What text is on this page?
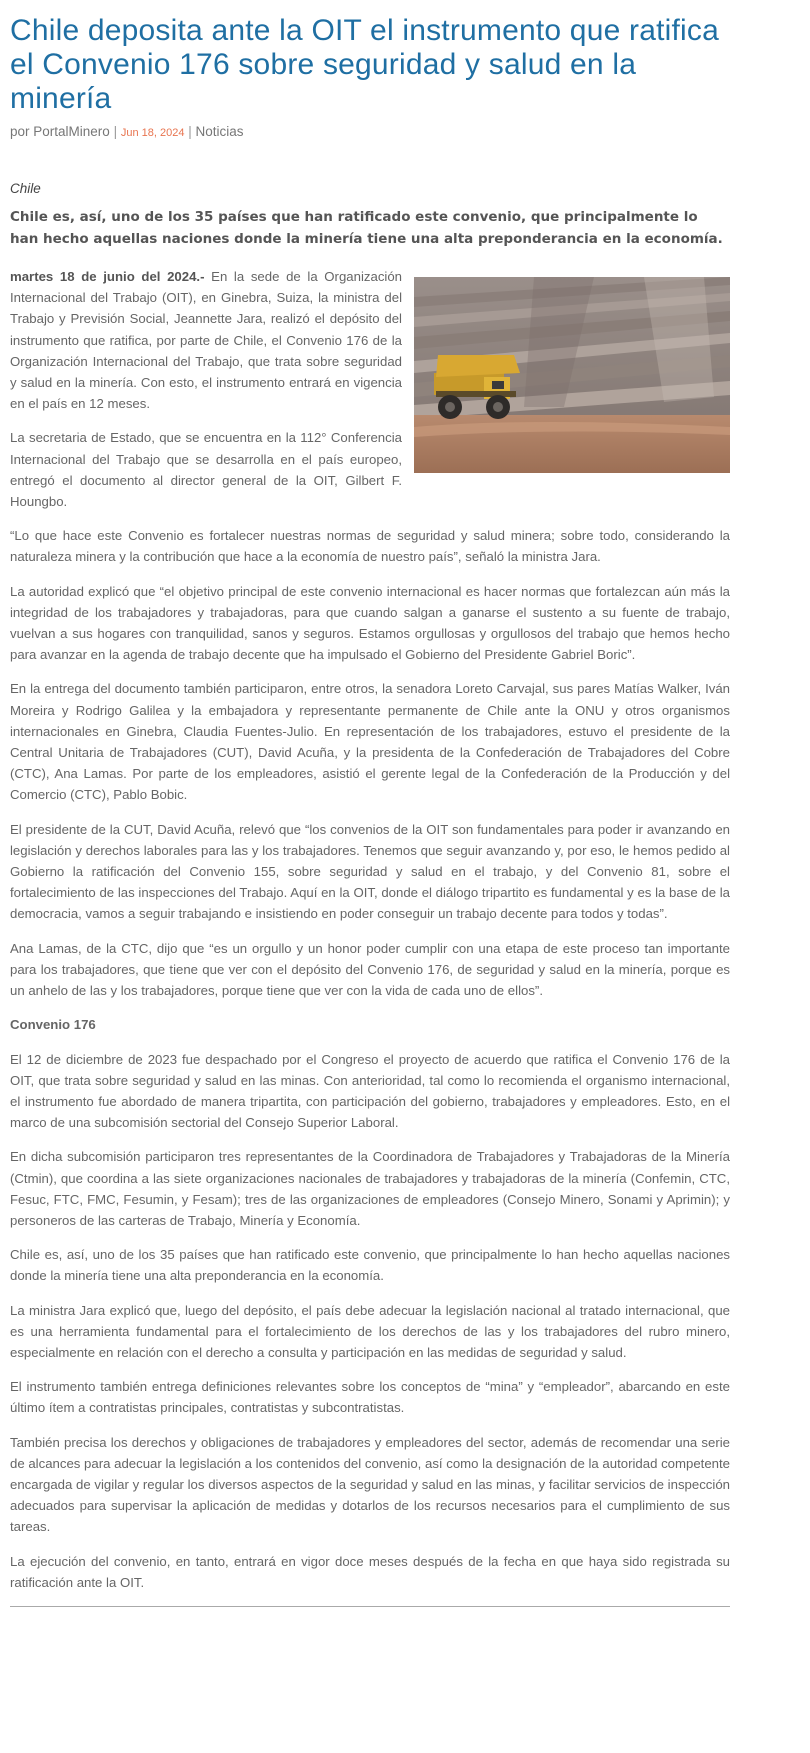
Chile deposita ante la OIT el instrumento que ratifica el Convenio 176 sobre seguridad y salud en la minería
por PortalMinero | Jun 18, 2024 | Noticias

Chile

Chile es, así, uno de los 35 países que han ratificado este convenio, que principalmente lo han hecho aquellas naciones donde la minería tiene una alta preponderancia en la economía.

martes 18 de junio del 2024.- En la sede de la Organización Internacional del Trabajo (OIT), en Ginebra, Suiza, la ministra del Trabajo y Previsión Social, Jeannette Jara, realizó el depósito del instrumento que ratifica, por parte de Chile, el Convenio 176 de la Organización Internacional del Trabajo, que trata sobre seguridad y salud en la minería. Con esto, el instrumento entrará en vigencia en el país en 12 meses.

La secretaria de Estado, que se encuentra en la 112° Conferencia Internacional del Trabajo que se desarrolla en el país europeo, entregó el documento al director general de la OIT, Gilbert F. Houngbo.

“Lo que hace este Convenio es fortalecer nuestras normas de seguridad y salud minera; sobre todo, considerando la naturaleza minera y la contribución que hace a la economía de nuestro país”, señaló la ministra Jara.

La autoridad explicó que “el objetivo principal de este convenio internacional es hacer normas que fortalezcan aún más la integridad de los trabajadores y trabajadoras, para que cuando salgan a ganarse el sustento a su fuente de trabajo, vuelvan a sus hogares con tranquilidad, sanos y seguros. Estamos orgullosas y orgullosos del trabajo que hemos hecho para avanzar en la agenda de trabajo decente que ha impulsado el Gobierno del Presidente Gabriel Boric”.

En la entrega del documento también participaron, entre otros, la senadora Loreto Carvajal, sus pares Matías Walker, Iván Moreira y Rodrigo Galilea y la embajadora y representante permanente de Chile ante la ONU y otros organismos internacionales en Ginebra, Claudia Fuentes-Julio. En representación de los trabajadores, estuvo el presidente de la Central Unitaria de Trabajadores (CUT), David Acuña, y la presidenta de la Confederación de Trabajadores del Cobre (CTC), Ana Lamas. Por parte de los empleadores, asistió el gerente legal de la Confederación de la Producción y del Comercio (CTC), Pablo Bobic.

El presidente de la CUT, David Acuña, relevó que “los convenios de la OIT son fundamentales para poder ir avanzando en legislación y derechos laborales para las y los trabajadores. Tenemos que seguir avanzando y, por eso, le hemos pedido al Gobierno la ratificación del Convenio 155, sobre seguridad y salud en el trabajo, y del Convenio 81, sobre el fortalecimiento de las inspecciones del Trabajo. Aquí en la OIT, donde el diálogo tripartito es fundamental y es la base de la democracia, vamos a seguir trabajando e insistiendo en poder conseguir un trabajo decente para todos y todas”.

Ana Lamas, de la CTC, dijo que “es un orgullo y un honor poder cumplir con una etapa de este proceso tan importante para los trabajadores, que tiene que ver con el depósito del Convenio 176, de seguridad y salud en la minería, porque es un anhelo de las y los trabajadores, porque tiene que ver con la vida de cada uno de ellos”.

Convenio 176

El 12 de diciembre de 2023 fue despachado por el Congreso el proyecto de acuerdo que ratifica el Convenio 176 de la OIT, que trata sobre seguridad y salud en las minas. Con anterioridad, tal como lo recomienda el organismo internacional, el instrumento fue abordado de manera tripartita, con participación del gobierno, trabajadores y empleadores. Esto, en el marco de una subcomisión sectorial del Consejo Superior Laboral.

En dicha subcomisión participaron tres representantes de la Coordinadora de Trabajadores y Trabajadoras de la Minería (Ctmin), que coordina a las siete organizaciones nacionales de trabajadores y trabajadoras de la minería (Confemin, CTC, Fesuc, FTC, FMC, Fesumin, y Fesam); tres de las organizaciones de empleadores (Consejo Minero, Sonami y Aprimin); y personeros de las carteras de Trabajo, Minería y Economía.

Chile es, así, uno de los 35 países que han ratificado este convenio, que principalmente lo han hecho aquellas naciones donde la minería tiene una alta preponderancia en la economía.

La ministra Jara explicó que, luego del depósito, el país debe adecuar la legislación nacional al tratado internacional, que es una herramienta fundamental para el fortalecimiento de los derechos de las y los trabajadores del rubro minero, especialmente en relación con el derecho a consulta y participación en las medidas de seguridad y salud.

El instrumento también entrega definiciones relevantes sobre los conceptos de “mina” y “empleador”, abarcando en este último ítem a contratistas principales, contratistas y subcontratistas.

También precisa los derechos y obligaciones de trabajadores y empleadores del sector, además de recomendar una serie de alcances para adecuar la legislación a los contenidos del convenio, así como la designación de la autoridad competente encargada de vigilar y regular los diversos aspectos de la seguridad y salud en las minas, y facilitar servicios de inspección adecuados para supervisar la aplicación de medidas y dotarlos de los recursos necesarios para el cumplimiento de sus tareas.

La ejecución del convenio, en tanto, entrará en vigor doce meses después de la fecha en que haya sido registrada su ratificación ante la OIT.
